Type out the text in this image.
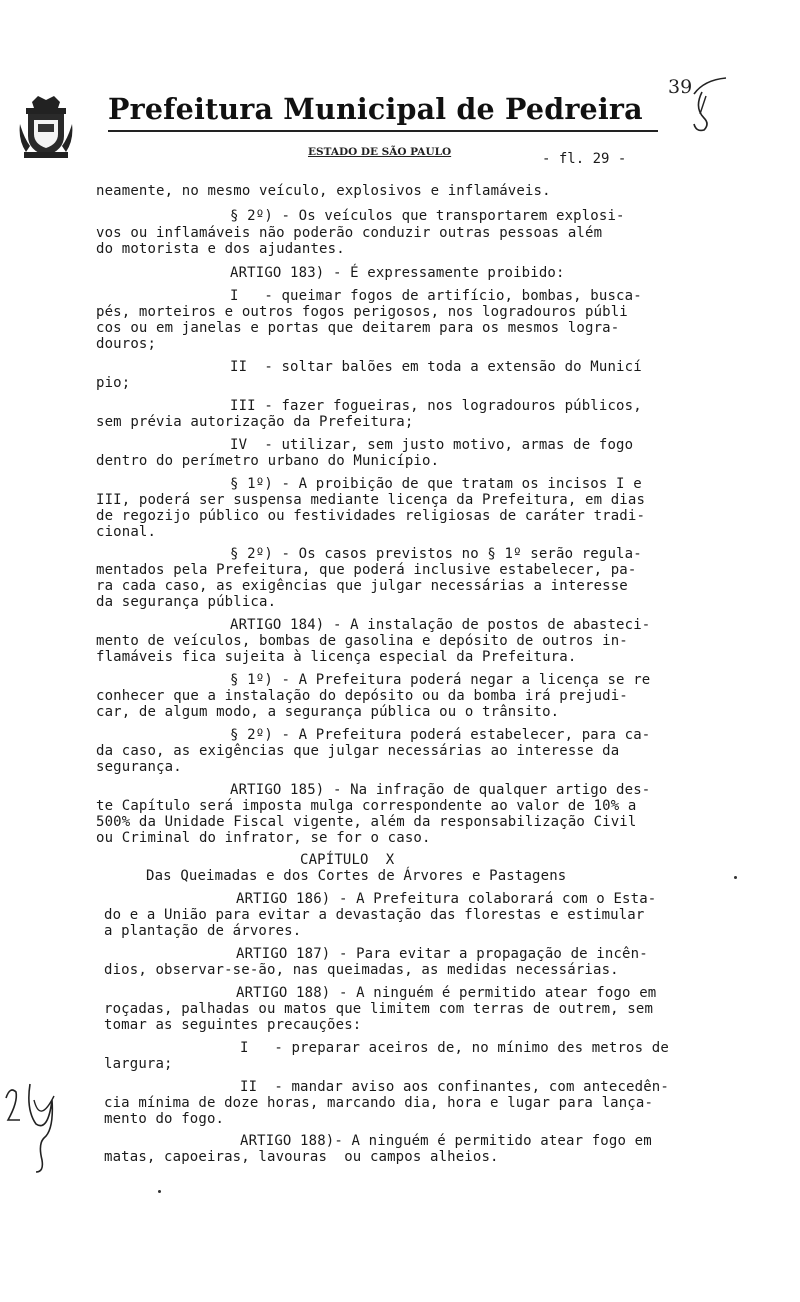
Prefeitura Municipal de Pedreira
ESTADO DE SÃO PAULO	- fl. 29 -
39
neamente, no mesmo veículo, explosivos e inflamáveis.
§ 2º) - Os veículos que transportarem explosi-
vos ou inflamáveis não poderão conduzir outras pessoas além
do motorista e dos ajudantes.
ARTIGO 183) - É expressamente proibido:
I   - queimar fogos de artifício, bombas, busca-
pés, morteiros e outros fogos perigosos, nos logradouros públi
cos ou em janelas e portas que deitarem para os mesmos logra-
douros;
II  - soltar balões em toda a extensão do Municí
pio;
III - fazer fogueiras, nos logradouros públicos,
sem prévia autorização da Prefeitura;
IV  - utilizar, sem justo motivo, armas de fogo
dentro do perímetro urbano do Município.
§ 1º) - A proibição de que tratam os incisos I e
III, poderá ser suspensa mediante licença da Prefeitura, em dias
de regozijo público ou festividades religiosas de caráter tradi-
cional.
§ 2º) - Os casos previstos no § 1º serão regula-
mentados pela Prefeitura, que poderá inclusive estabelecer, pa-
ra cada caso, as exigências que julgar necessárias a interesse
da segurança pública.
ARTIGO 184) - A instalação de postos de abasteci-
mento de veículos, bombas de gasolina e depósito de outros in-
flamáveis fica sujeita à licença especial da Prefeitura.
§ 1º) - A Prefeitura poderá negar a licença se re
conhecer que a instalação do depósito ou da bomba irá prejudi-
car, de algum modo, a segurança pública ou o trânsito.
§ 2º) - A Prefeitura poderá estabelecer, para ca-
da caso, as exigências que julgar necessárias ao interesse da
segurança.
ARTIGO 185) - Na infração de qualquer artigo des-
te Capítulo será imposta mulga correspondente ao valor de 10% a
500% da Unidade Fiscal vigente, além da responsabilização Civil
ou Criminal do infrator, se for o caso.
CAPÍTULO  X
Das Queimadas e dos Cortes de Árvores e Pastagens
ARTIGO 186) - A Prefeitura colaborará com o Esta-
do e a União para evitar a devastação das florestas e estimular
a plantação de árvores.
ARTIGO 187) - Para evitar a propagação de incên-
dios, observar-se-ão, nas queimadas, as medidas necessárias.
ARTIGO 188) - A ninguém é permitido atear fogo em
roçadas, palhadas ou matos que limitem com terras de outrem, sem
tomar as seguintes precauções:
I   - preparar aceiros de, no mínimo des metros de
largura;
II  - mandar aviso aos confinantes, com antecedên-
cia mínima de doze horas, marcando dia, hora e lugar para lança-
mento do fogo.
ARTIGO 188)- A ninguém é permitido atear fogo em
matas, capoeiras, lavouras  ou campos alheios.
